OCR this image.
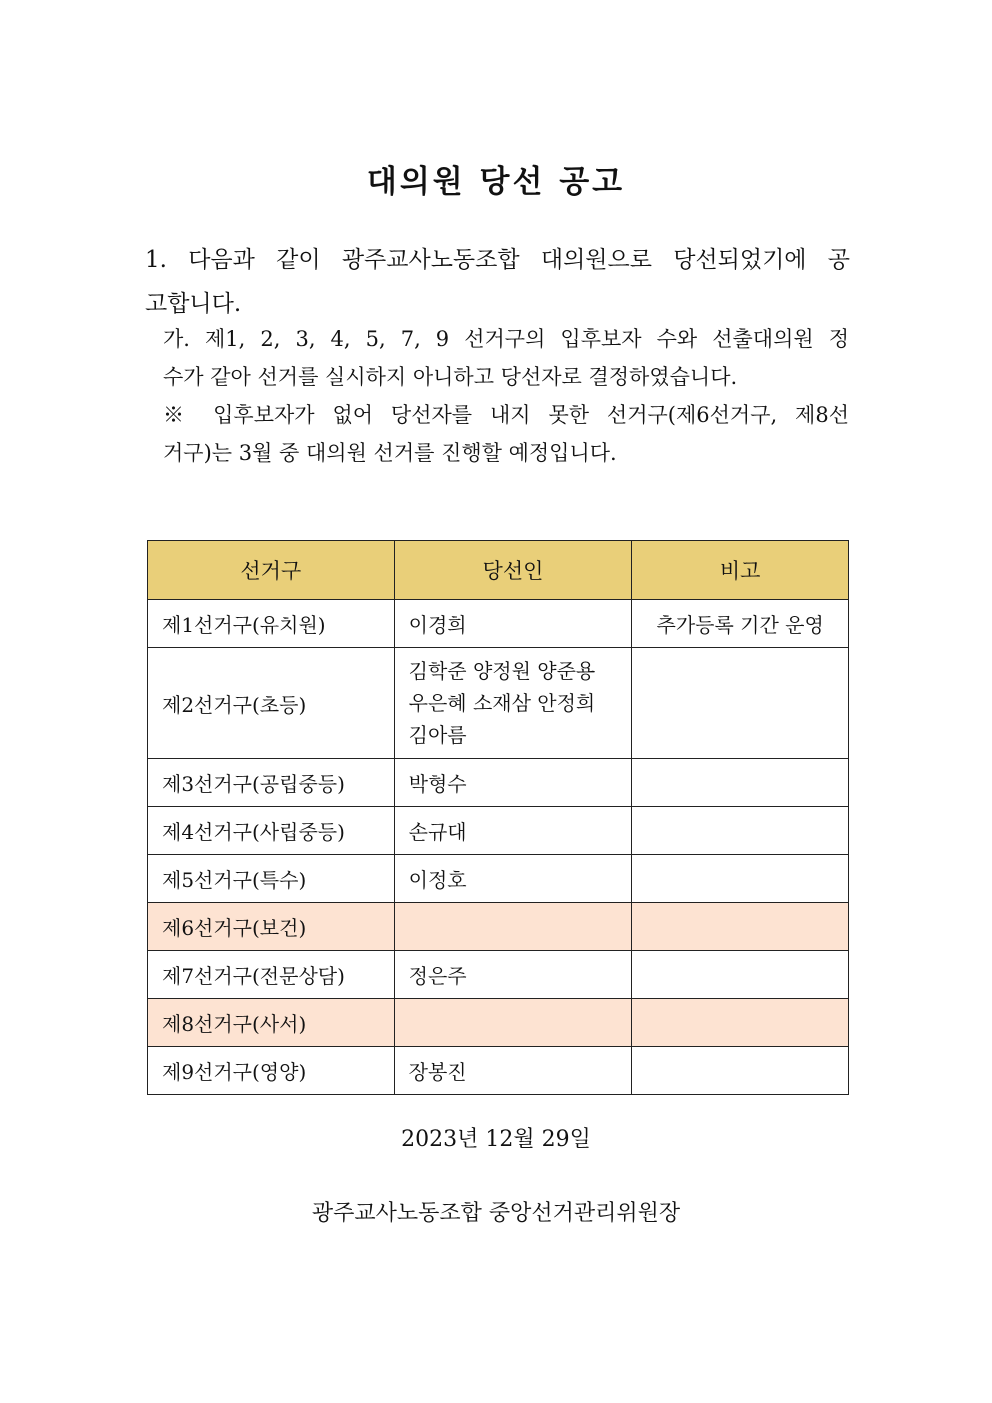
대의원 당선 공고
1. 다음과 같이 광주교사노동조합 대의원으로 당선되었기에 공
고합니다.
가. 제1, 2, 3, 4, 5, 7, 9 선거구의 입후보자 수와 선출대의원 정
수가 같아 선거를 실시하지 아니하고 당선자로 결정하였습니다.
※ 입후보자가 없어 당선자를 내지 못한 선거구(제6선거구, 제8선
거구)는 3월 중 대의원 선거를 진행할 예정입니다.
선거구	당선인	비고
제1선거구(유치원)	이경희	추가등록 기간 운영
제2선거구(초등)	김학준 양정원 양준용
우은혜 소재삼 안정희
김아름	
제3선거구(공립중등)	박형수	
제4선거구(사립중등)	손규대	
제5선거구(특수)	이정호	
제6선거구(보건)		
제7선거구(전문상담)	정은주	
제8선거구(사서)		
제9선거구(영양)	장봉진	
2023년 12월 29일
광주교사노동조합 중앙선거관리위원장
